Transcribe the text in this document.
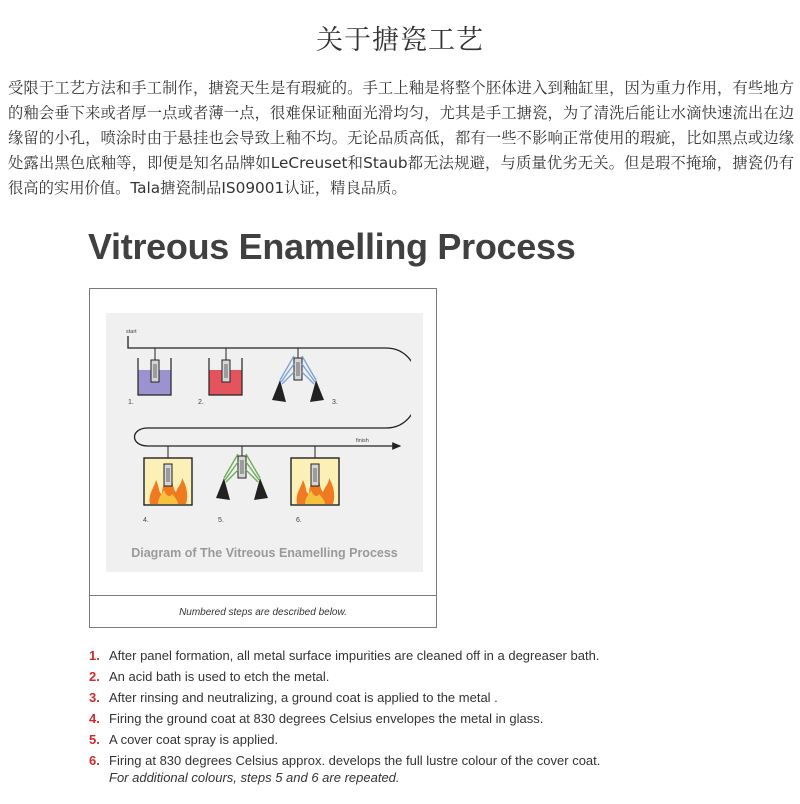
关于搪瓷工艺

受限于工艺方法和手工制作，搪瓷天生是有瑕疵的。手工上釉是将整个胚体进入到釉缸里，因为重力作用，有些地方的釉会垂下来或者厚一点或者薄一点，很难保证釉面光滑均匀，尤其是手工搪瓷，为了清洗后能让水滴快速流出在边缘留的小孔，喷涂时由于悬挂也会导致上釉不均。无论品质高低，都有一些不影响正常使用的瑕疵，比如黑点或边缘处露出黑色底釉等，即便是知名品牌如LeCreuset和Staub都无法规避，与质量优劣无关。但是瑕不掩瑜，搪瓷仍有很高的实用价值。Tala搪瓷制品IS09001认证，精良品质。

Vitreous Enamelling Process
start
finish
1.	2.	3.
4.	5.	6.
Diagram of The Vitreous Enamelling Process
Numbered steps are described below.
1. After panel formation, all metal surface impurities are cleaned off in a degreaser bath.
2. An acid bath is used to etch the metal.
3. After rinsing and neutralizing, a ground coat is applied to the metal .
4. Firing the ground coat at 830 degrees Celsius envelopes the metal in glass.
5. A cover coat spray is applied.
6. Firing at 830 degrees Celsius approx. develops the full lustre colour of the cover coat.
For additional colours, steps 5 and 6 are repeated.
